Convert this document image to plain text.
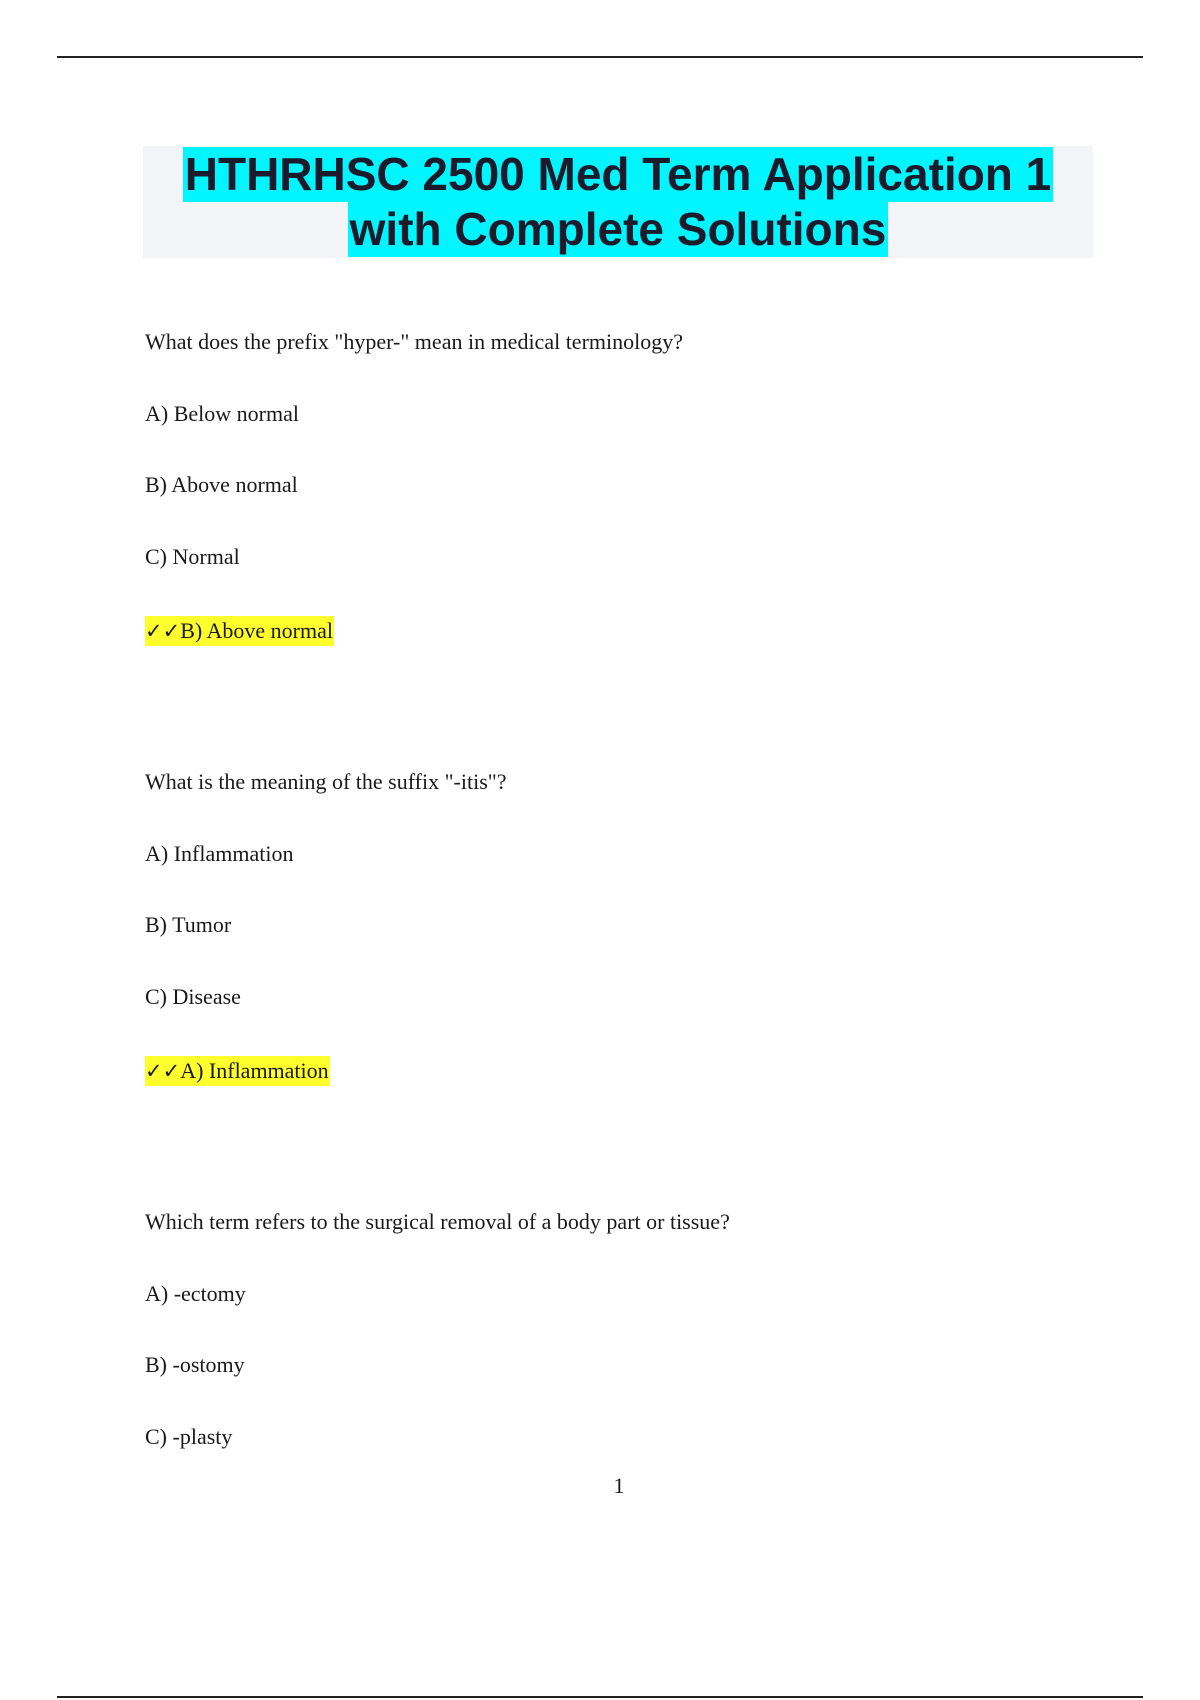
HTHRHSC 2500 Med Term Application 1
with Complete Solutions
What does the prefix "hyper-" mean in medical terminology?
A) Below normal
B) Above normal
C) Normal
✓✓B) Above normal
What is the meaning of the suffix "-itis"?
A) Inflammation
B) Tumor
C) Disease
✓✓A) Inflammation
Which term refers to the surgical removal of a body part or tissue?
A) -ectomy
B) -ostomy
C) -plasty
1
